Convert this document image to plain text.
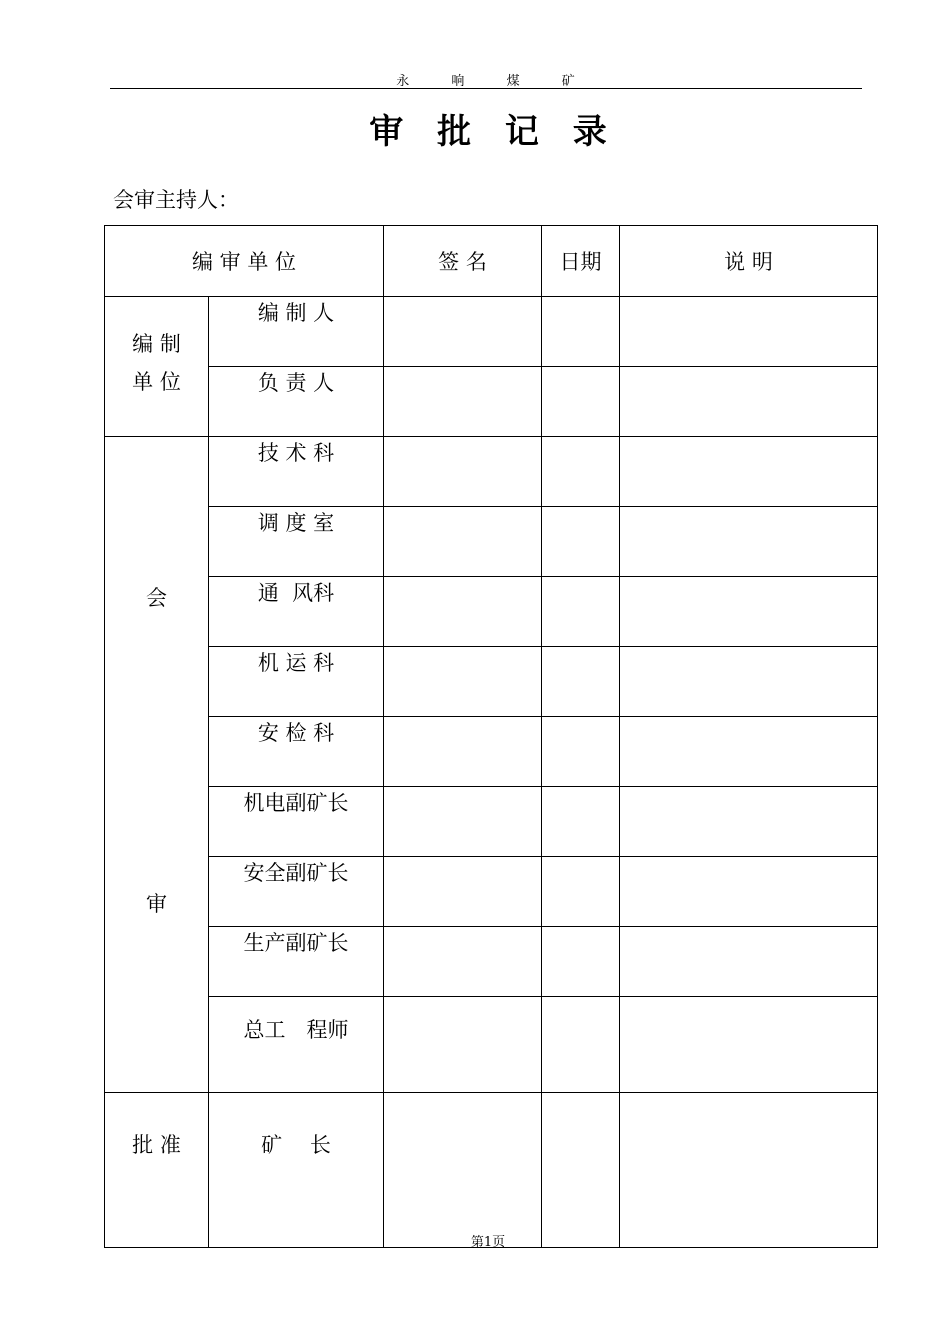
永	响	煤	矿
审 批 记 录
会审主持人：
编 审 单 位		签 名	日期	说 明

编 制
单 位	编 制 人			
	负 责 人			

会
审	技 术 科			
	调 度 室			
	通  风科			
	机 运 科			
	安 检 科			
	机电副矿长			
	安全副矿长			
	生产副矿长			
	总工　程师			
批 准	矿　 长			
第1页
